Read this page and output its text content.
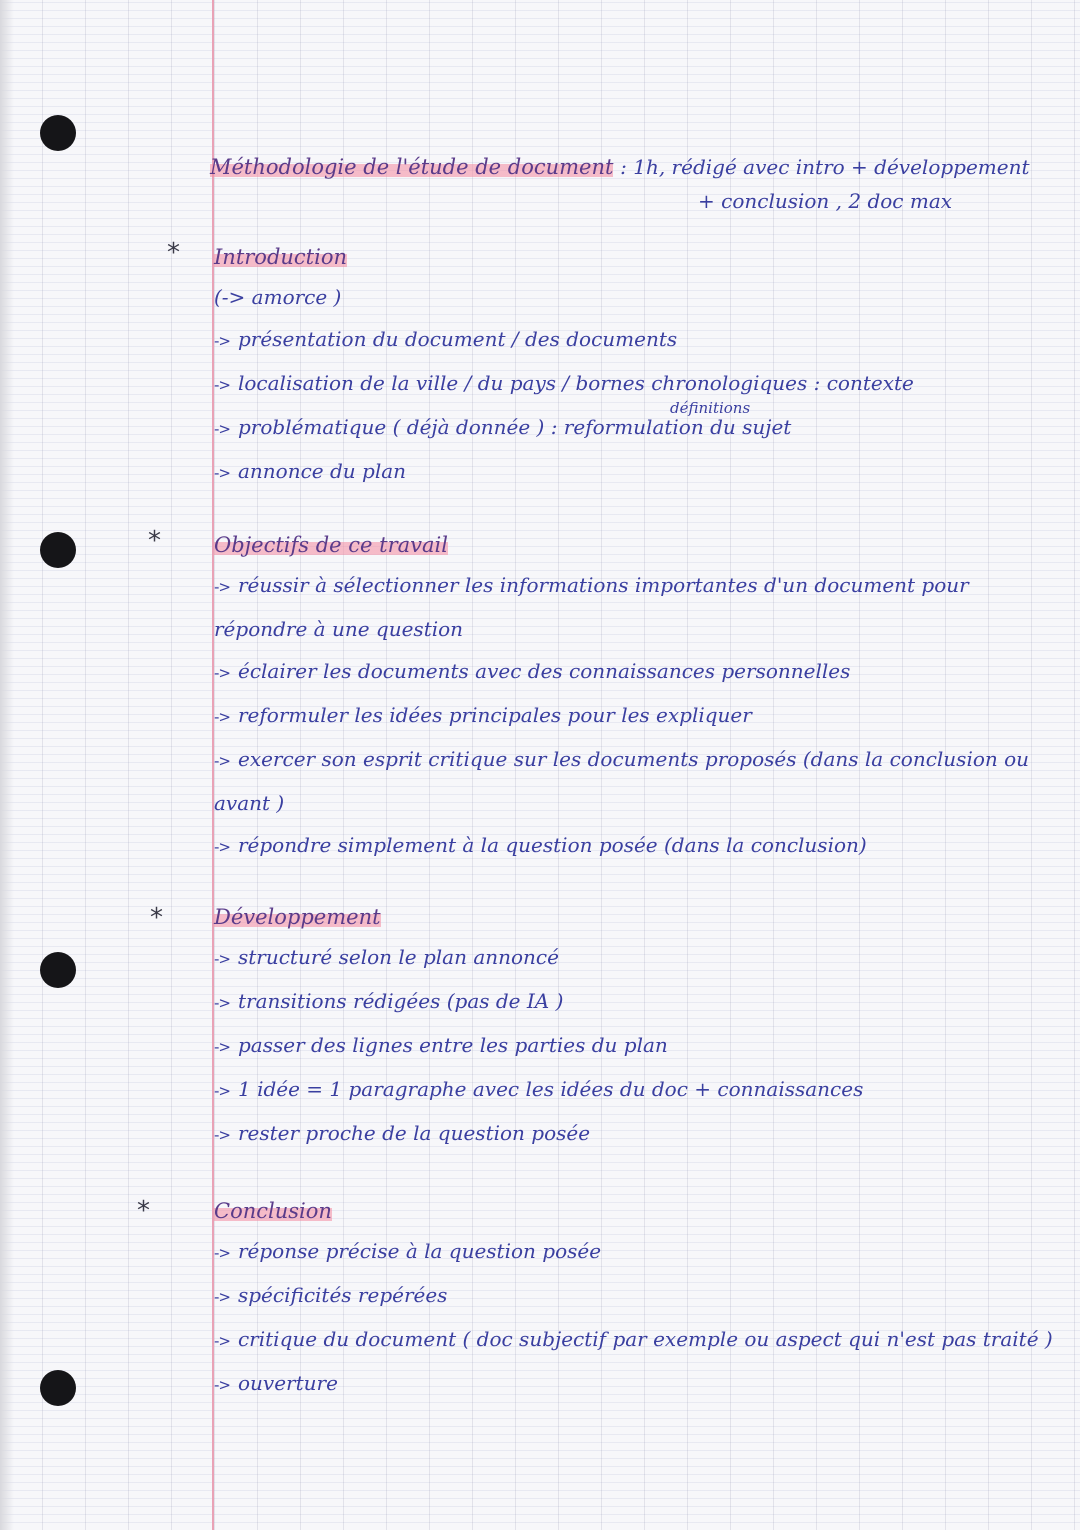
*
*
*
*
Méthodologie de l'étude de document : 1h, rédigé avec intro + développement
+ conclusion , 2 doc max
Introduction
(-> amorce )
-> présentation du document / des documents
-> localisation de la ville / du pays / bornes chronologiques : contexte
définitions
-> problématique ( déjà donnée ) : reformulation du sujet
-> annonce du plan
Objectifs de ce travail
-> réussir à sélectionner les informations importantes d'un document pour répondre à une question
-> éclairer les documents avec des connaissances personnelles
-> reformuler les idées principales pour les expliquer
-> exercer son esprit critique sur les documents proposés (dans la conclusion ou avant )
-> répondre simplement à la question posée (dans la conclusion)
Développement
-> structuré selon le plan annoncé
-> transitions rédigées (pas de IA )
-> passer des lignes entre les parties du plan
-> 1 idée = 1 paragraphe avec les idées du doc + connaissances
-> rester proche de la question posée
Conclusion
-> réponse précise à la question posée
-> spécificités repérées
-> critique du document ( doc subjectif par exemple ou aspect qui n'est pas traité )
-> ouverture
